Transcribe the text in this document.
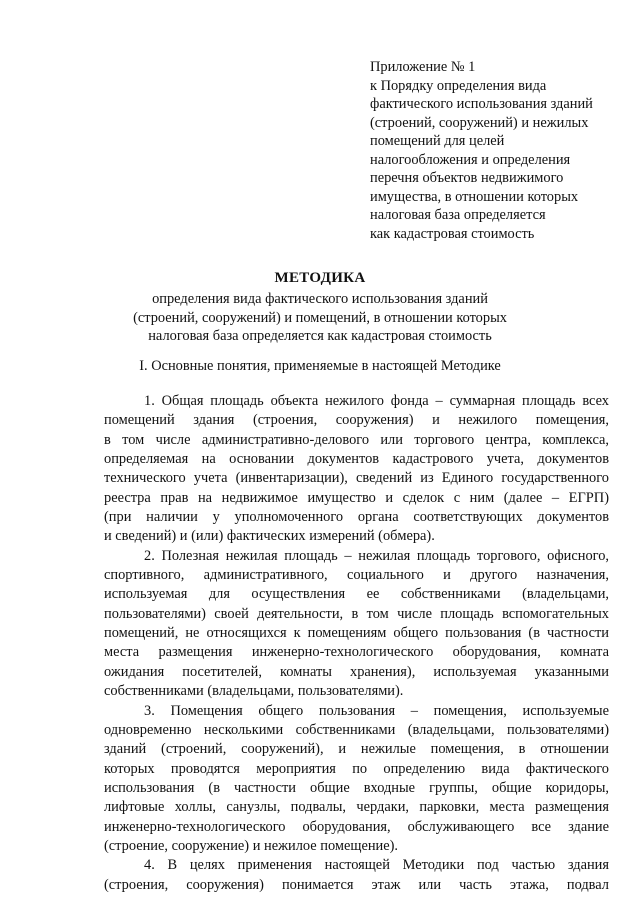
Приложение № 1
к Порядку определения вида
фактического использования зданий
(строений, сооружений) и нежилых
помещений для целей
налогообложения и определения
перечня объектов недвижимого
имущества, в отношении которых
налоговая база определяется
как кадастровая стоимость
МЕТОДИКА
определения вида фактического использования зданий
(строений, сооружений) и помещений, в отношении которых
налоговая база определяется как кадастровая стоимость
I. Основные понятия, применяемые в настоящей Методике
1. Общая площадь объекта нежилого фонда – суммарная площадь всех
помещений здания (строения, сооружения) и нежилого помещения,
в том числе административно-делового или торгового центра, комплекса,
определяемая на основании документов кадастрового учета, документов
технического учета (инвентаризации), сведений из Единого государственного
реестра прав на недвижимое имущество и сделок с ним (далее – ЕГРП)
(при наличии у уполномоченного органа соответствующих документов
и сведений) и (или) фактических измерений (обмера).
2. Полезная нежилая площадь – нежилая площадь торгового, офисного,
спортивного, административного, социального и другого назначения,
используемая для осуществления ее собственниками (владельцами,
пользователями) своей деятельности, в том числе площадь вспомогательных
помещений, не относящихся к помещениям общего пользования (в частности
места размещения инженерно-технологического оборудования, комната
ожидания посетителей, комнаты хранения), используемая указанными
собственниками (владельцами, пользователями).
3. Помещения общего пользования – помещения, используемые
одновременно несколькими собственниками (владельцами, пользователями)
зданий (строений, сооружений), и нежилые помещения, в отношении
которых проводятся мероприятия по определению вида фактического
использования (в частности общие входные группы, общие коридоры,
лифтовые холлы, санузлы, подвалы, чердаки, парковки, места размещения
инженерно-технологического оборудования, обслуживающего все здание
(строение, сооружение) и нежилое помещение).
4. В целях применения настоящей Методики под частью здания
(строения, сооружения) понимается этаж или часть этажа, подвал
